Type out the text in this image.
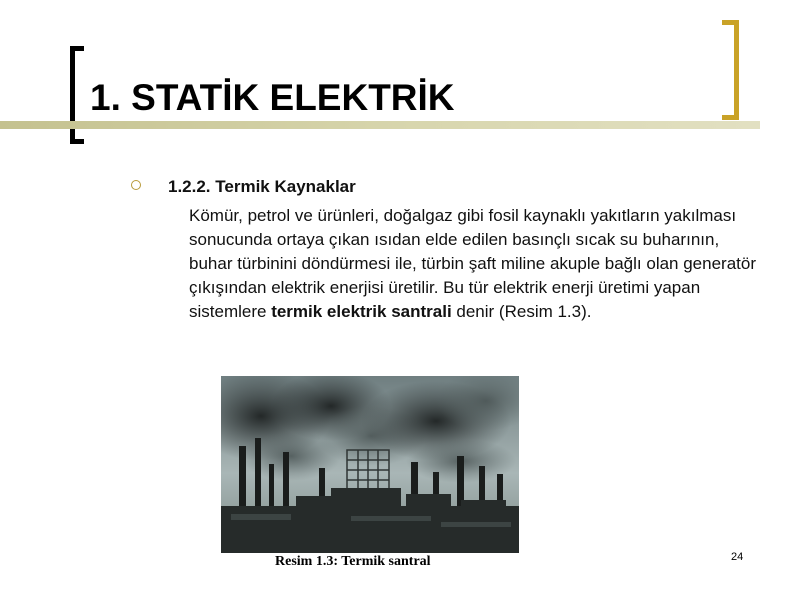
1. STATİK ELEKTRİK

1.2.2. Termik Kaynaklar

Kömür, petrol ve ürünleri, doğalgaz gibi fosil kaynaklı yakıtların yakılması sonucunda ortaya çıkan ısıdan elde edilen basınçlı sıcak su buharının, buhar türbinini döndürmesi ile, türbin şaft miline akuple bağlı olan generatör çıkışından elektrik enerjisi üretilir. Bu tür elektrik enerji üretimi yapan sistemlere termik elektrik santrali denir (Resim 1.3).

Resim 1.3: Termik santral	24
